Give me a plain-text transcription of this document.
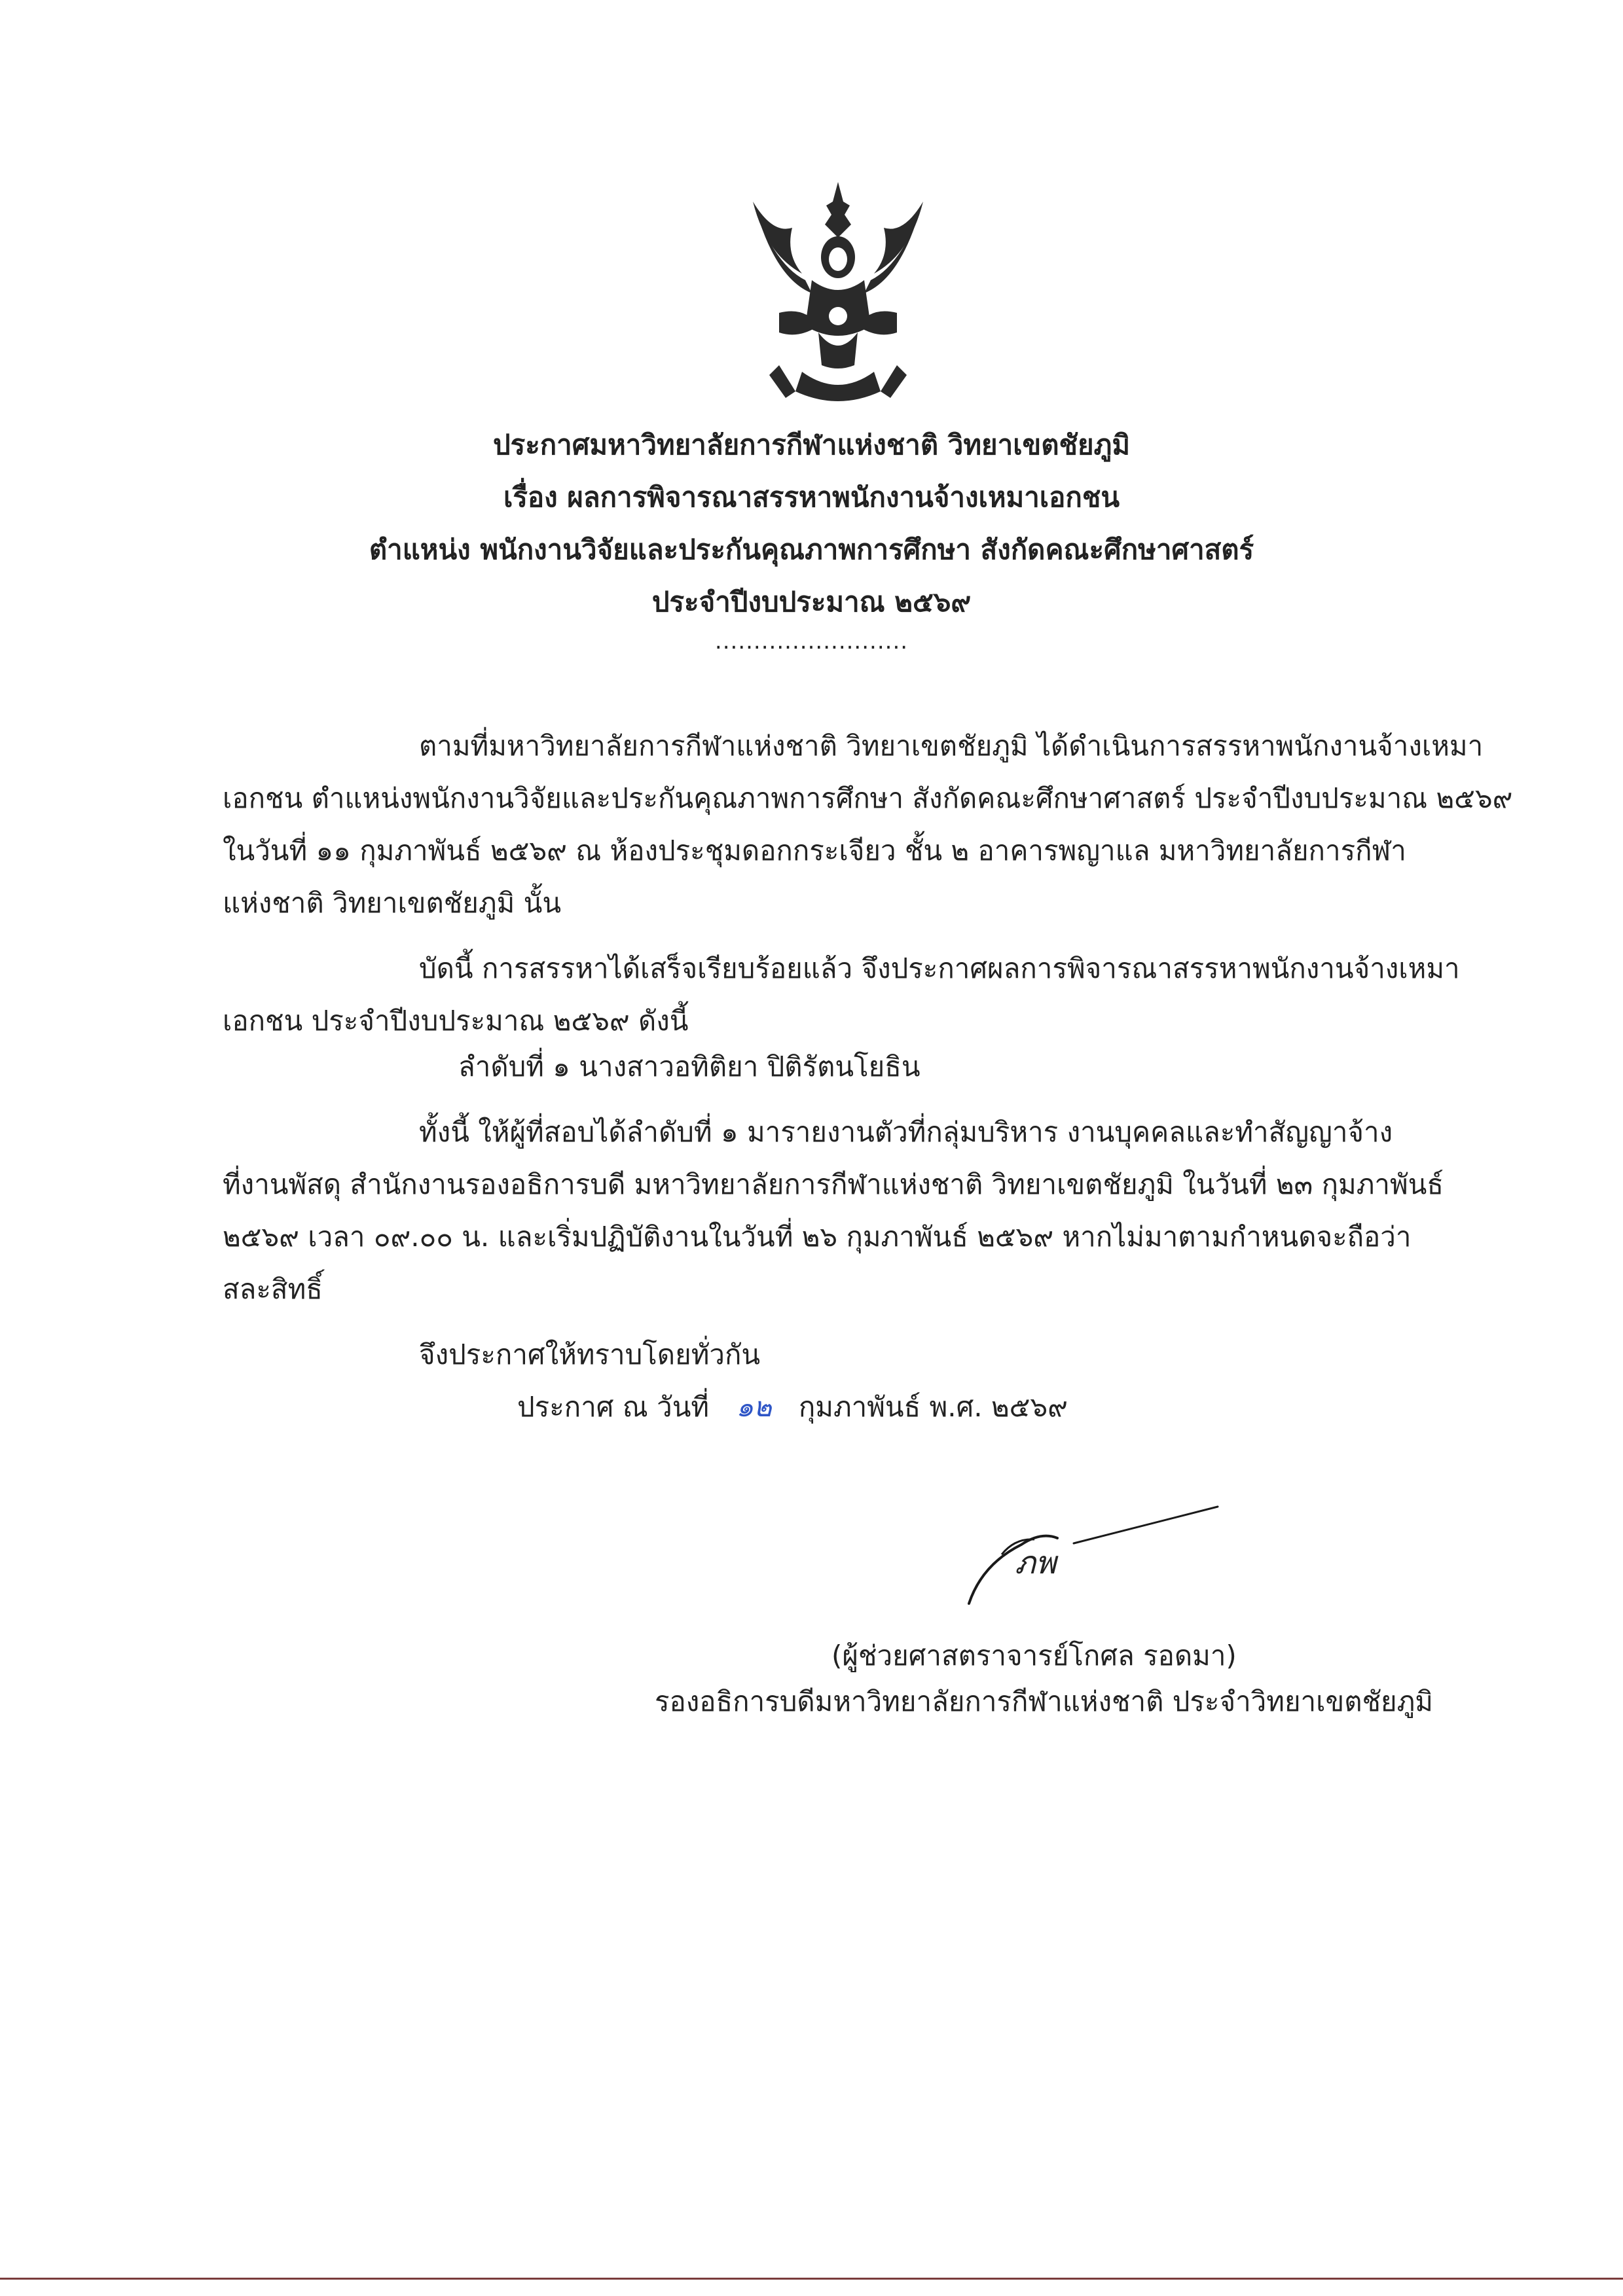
ประกาศมหาวิทยาลัยการกีฬาแห่งชาติ วิทยาเขตชัยภูมิ
เรื่อง ผลการพิจารณาสรรหาพนักงานจ้างเหมาเอกชน
ตำแหน่ง พนักงานวิจัยและประกันคุณภาพการศึกษา สังกัดคณะศึกษาศาสตร์
ประจำปีงบประมาณ ๒๕๖๙
.........................
ตามที่มหาวิทยาลัยการกีฬาแห่งชาติ วิทยาเขตชัยภูมิ ได้ดำเนินการสรรหาพนักงานจ้างเหมา
เอกชน ตำแหน่งพนักงานวิจัยและประกันคุณภาพการศึกษา สังกัดคณะศึกษาศาสตร์ ประจำปีงบประมาณ ๒๕๖๙
ในวันที่ ๑๑ กุมภาพันธ์ ๒๕๖๙ ณ ห้องประชุมดอกกระเจียว ชั้น ๒ อาคารพญาแล มหาวิทยาลัยการกีฬา
แห่งชาติ วิทยาเขตชัยภูมิ นั้น
บัดนี้ การสรรหาได้เสร็จเรียบร้อยแล้ว จึงประกาศผลการพิจารณาสรรหาพนักงานจ้างเหมา
เอกชน ประจำปีงบประมาณ ๒๕๖๙ ดังนี้
ลำดับที่ ๑ นางสาวอทิติยา ปิติรัตนโยธิน
ทั้งนี้ ให้ผู้ที่สอบได้ลำดับที่ ๑ มารายงานตัวที่กลุ่มบริหาร งานบุคคลและทำสัญญาจ้าง
ที่งานพัสดุ สำนักงานรองอธิการบดี มหาวิทยาลัยการกีฬาแห่งชาติ วิทยาเขตชัยภูมิ ในวันที่ ๒๓ กุมภาพันธ์
๒๕๖๙ เวลา ๐๙.๐๐ น. และเริ่มปฏิบัติงานในวันที่ ๒๖ กุมภาพันธ์ ๒๕๖๙ หากไม่มาตามกำหนดจะถือว่า
สละสิทธิ์
จึงประกาศให้ทราบโดยทั่วกัน
ประกาศ ณ วันที่ ๑๒ กุมภาพันธ์ พ.ศ. ๒๕๖๙
ภพ
(ผู้ช่วยศาสตราจารย์โกศล รอดมา)
รองอธิการบดีมหาวิทยาลัยการกีฬาแห่งชาติ ประจำวิทยาเขตชัยภูมิ
